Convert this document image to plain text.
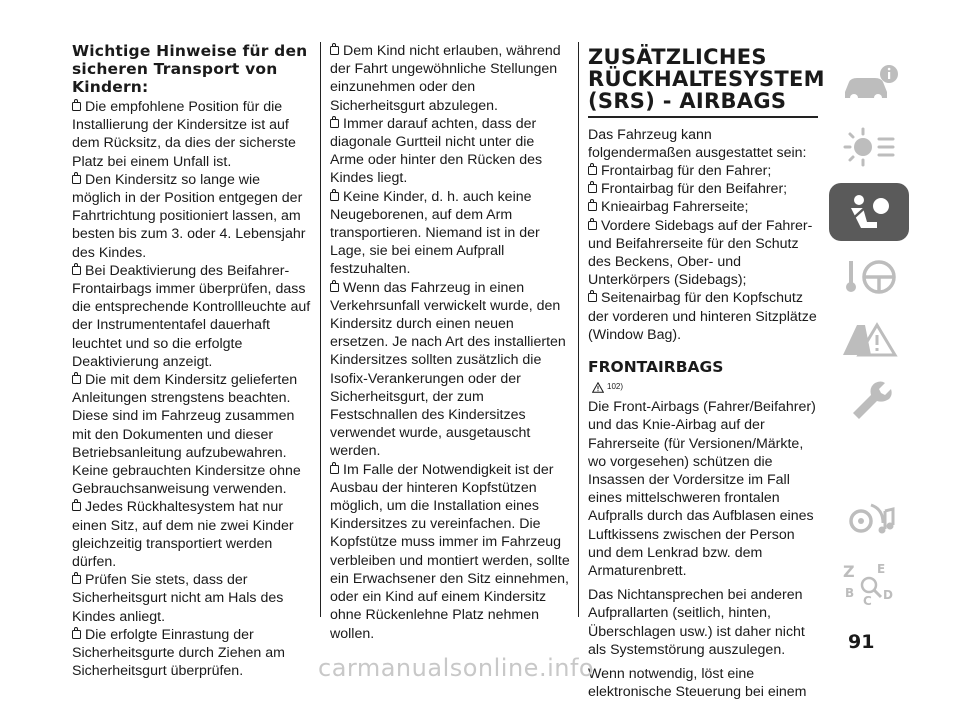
Wichtige Hinweise für den sicheren Transport von Kindern:
Die empfohlene Position für die Installierung der Kindersitze ist auf dem Rücksitz, da dies der sicherste Platz bei einem Unfall ist.
Den Kindersitz so lange wie möglich in der Position entgegen der Fahrtrichtung positioniert lassen, am besten bis zum 3. oder 4. Lebensjahr des Kindes.
Bei Deaktivierung des Beifahrer-Frontairbags immer überprüfen, dass die entsprechende Kontrollleuchte auf der Instrumententafel dauerhaft leuchtet und so die erfolgte Deaktivierung anzeigt.
Die mit dem Kindersitz gelieferten Anleitungen strengstens beachten. Diese sind im Fahrzeug zusammen mit den Dokumenten und dieser Betriebsanleitung aufzubewahren. Keine gebrauchten Kindersitze ohne Gebrauchsanweisung verwenden.
Jedes Rückhaltesystem hat nur einen Sitz, auf dem nie zwei Kinder gleichzeitig transportiert werden dürfen.
Prüfen Sie stets, dass der Sicherheitsgurt nicht am Hals des Kindes anliegt.
Die erfolgte Einrastung der Sicherheitsgurte durch Ziehen am Sicherheitsgurt überprüfen.
Dem Kind nicht erlauben, während der Fahrt ungewöhnliche Stellungen einzunehmen oder den Sicherheitsgurt abzulegen.
Immer darauf achten, dass der diagonale Gurtteil nicht unter die Arme oder hinter den Rücken des Kindes liegt.
Keine Kinder, d. h. auch keine Neugeborenen, auf dem Arm transportieren. Niemand ist in der Lage, sie bei einem Aufprall festzuhalten.
Wenn das Fahrzeug in einen Verkehrsunfall verwickelt wurde, den Kindersitz durch einen neuen ersetzen. Je nach Art des installierten Kindersitzes sollten zusätzlich die Isofix-Verankerungen oder der Sicherheitsgurt, der zum Festschnallen des Kindersitzes verwendet wurde, ausgetauscht werden.
Im Falle der Notwendigkeit ist der Ausbau der hinteren Kopfstützen möglich, um die Installation eines Kindersitzes zu vereinfachen. Die Kopfstütze muss immer im Fahrzeug verbleiben und montiert werden, sollte ein Erwachsener den Sitz einnehmen, oder ein Kind auf einem Kindersitz ohne Rückenlehne Platz nehmen wollen.
ZUSÄTZLICHES RÜCKHALTESYSTEM (SRS) - AIRBAGS

Das Fahrzeug kann folgendermaßen ausgestattet sein:

Frontairbag für den Fahrer;
Frontairbag für den Beifahrer;
Knieairbag Fahrerseite;
Vordere Sidebags auf der Fahrer- und Beifahrerseite für den Schutz des Beckens, Ober- und Unterkörpers (Sidebags);
Seitenairbag für den Kopfschutz der vorderen und hinteren Sitzplätze (Window Bag).
FRONTAIRBAGS
102)

Die Front-Airbags (Fahrer/Beifahrer) und das Knie-Airbag auf der Fahrerseite (für Versionen/Märkte, wo vorgesehen) schützen die Insassen der Vordersitze im Fall eines mittelschweren frontalen Aufpralls durch das Aufblasen eines Luftkissens zwischen der Person und dem Lenkrad bzw. dem Armaturenbrett.

Das Nichtansprechen bei anderen Aufprallarten (seitlich, hinten, Überschlagen usw.) ist daher nicht als Systemstörung auszulegen.

Wenn notwendig, löst eine elektronische Steuerung bei einem

Z E
B
C D
91
carmanualsonline.info
